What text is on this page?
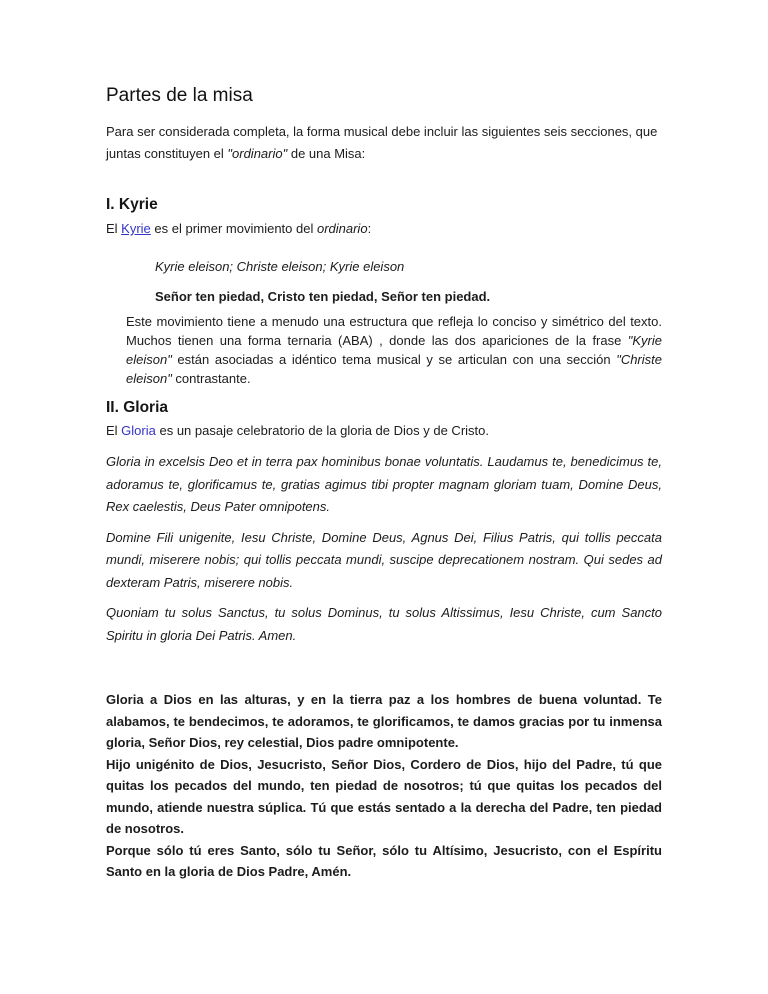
Partes de la misa

Para ser considerada completa, la forma musical debe incluir las siguientes seis secciones, que juntas constituyen el "ordinario" de una Misa:

I. Kyrie

El Kyrie es el primer movimiento del ordinario:

Kyrie eleison; Christe eleison; Kyrie eleison

Señor ten piedad, Cristo ten piedad, Señor ten piedad.

Este movimiento tiene a menudo una estructura que refleja lo conciso y simétrico del texto. Muchos tienen una forma ternaria (ABA) , donde las dos apariciones de la frase "Kyrie eleison" están asociadas a idéntico tema musical y se articulan con una sección "Christe eleison" contrastante.

II. Gloria

El Gloria es un pasaje celebratorio de la gloria de Dios y de Cristo.

Gloria in excelsis Deo et in terra pax hominibus bonae voluntatis. Laudamus te, benedicimus te, adoramus te, glorificamus te, gratias agimus tibi propter magnam gloriam tuam, Domine Deus, Rex caelestis, Deus Pater omnipotens.

Domine Fili unigenite, Iesu Christe, Domine Deus, Agnus Dei, Filius Patris, qui tollis peccata mundi, miserere nobis; qui tollis peccata mundi, suscipe deprecationem nostram. Qui sedes ad dexteram Patris, miserere nobis.

Quoniam tu solus Sanctus, tu solus Dominus, tu solus Altissimus, Iesu Christe, cum Sancto Spiritu in gloria Dei Patris. Amen.

Gloria a Dios en las alturas, y en la tierra paz a los hombres de buena voluntad. Te alabamos, te bendecimos, te adoramos, te glorificamos, te damos gracias por tu inmensa gloria, Señor Dios, rey celestial, Dios padre omnipotente.

Hijo unigénito de Dios, Jesucristo, Señor Dios, Cordero de Dios, hijo del Padre, tú que quitas los pecados del mundo, ten piedad de nosotros; tú que quitas los pecados del mundo, atiende nuestra súplica. Tú que estás sentado a la derecha del Padre, ten piedad de nosotros.

Porque sólo tú eres Santo, sólo tu Señor, sólo tu Altísimo, Jesucristo, con el Espíritu Santo en la gloria de Dios Padre, Amén.
